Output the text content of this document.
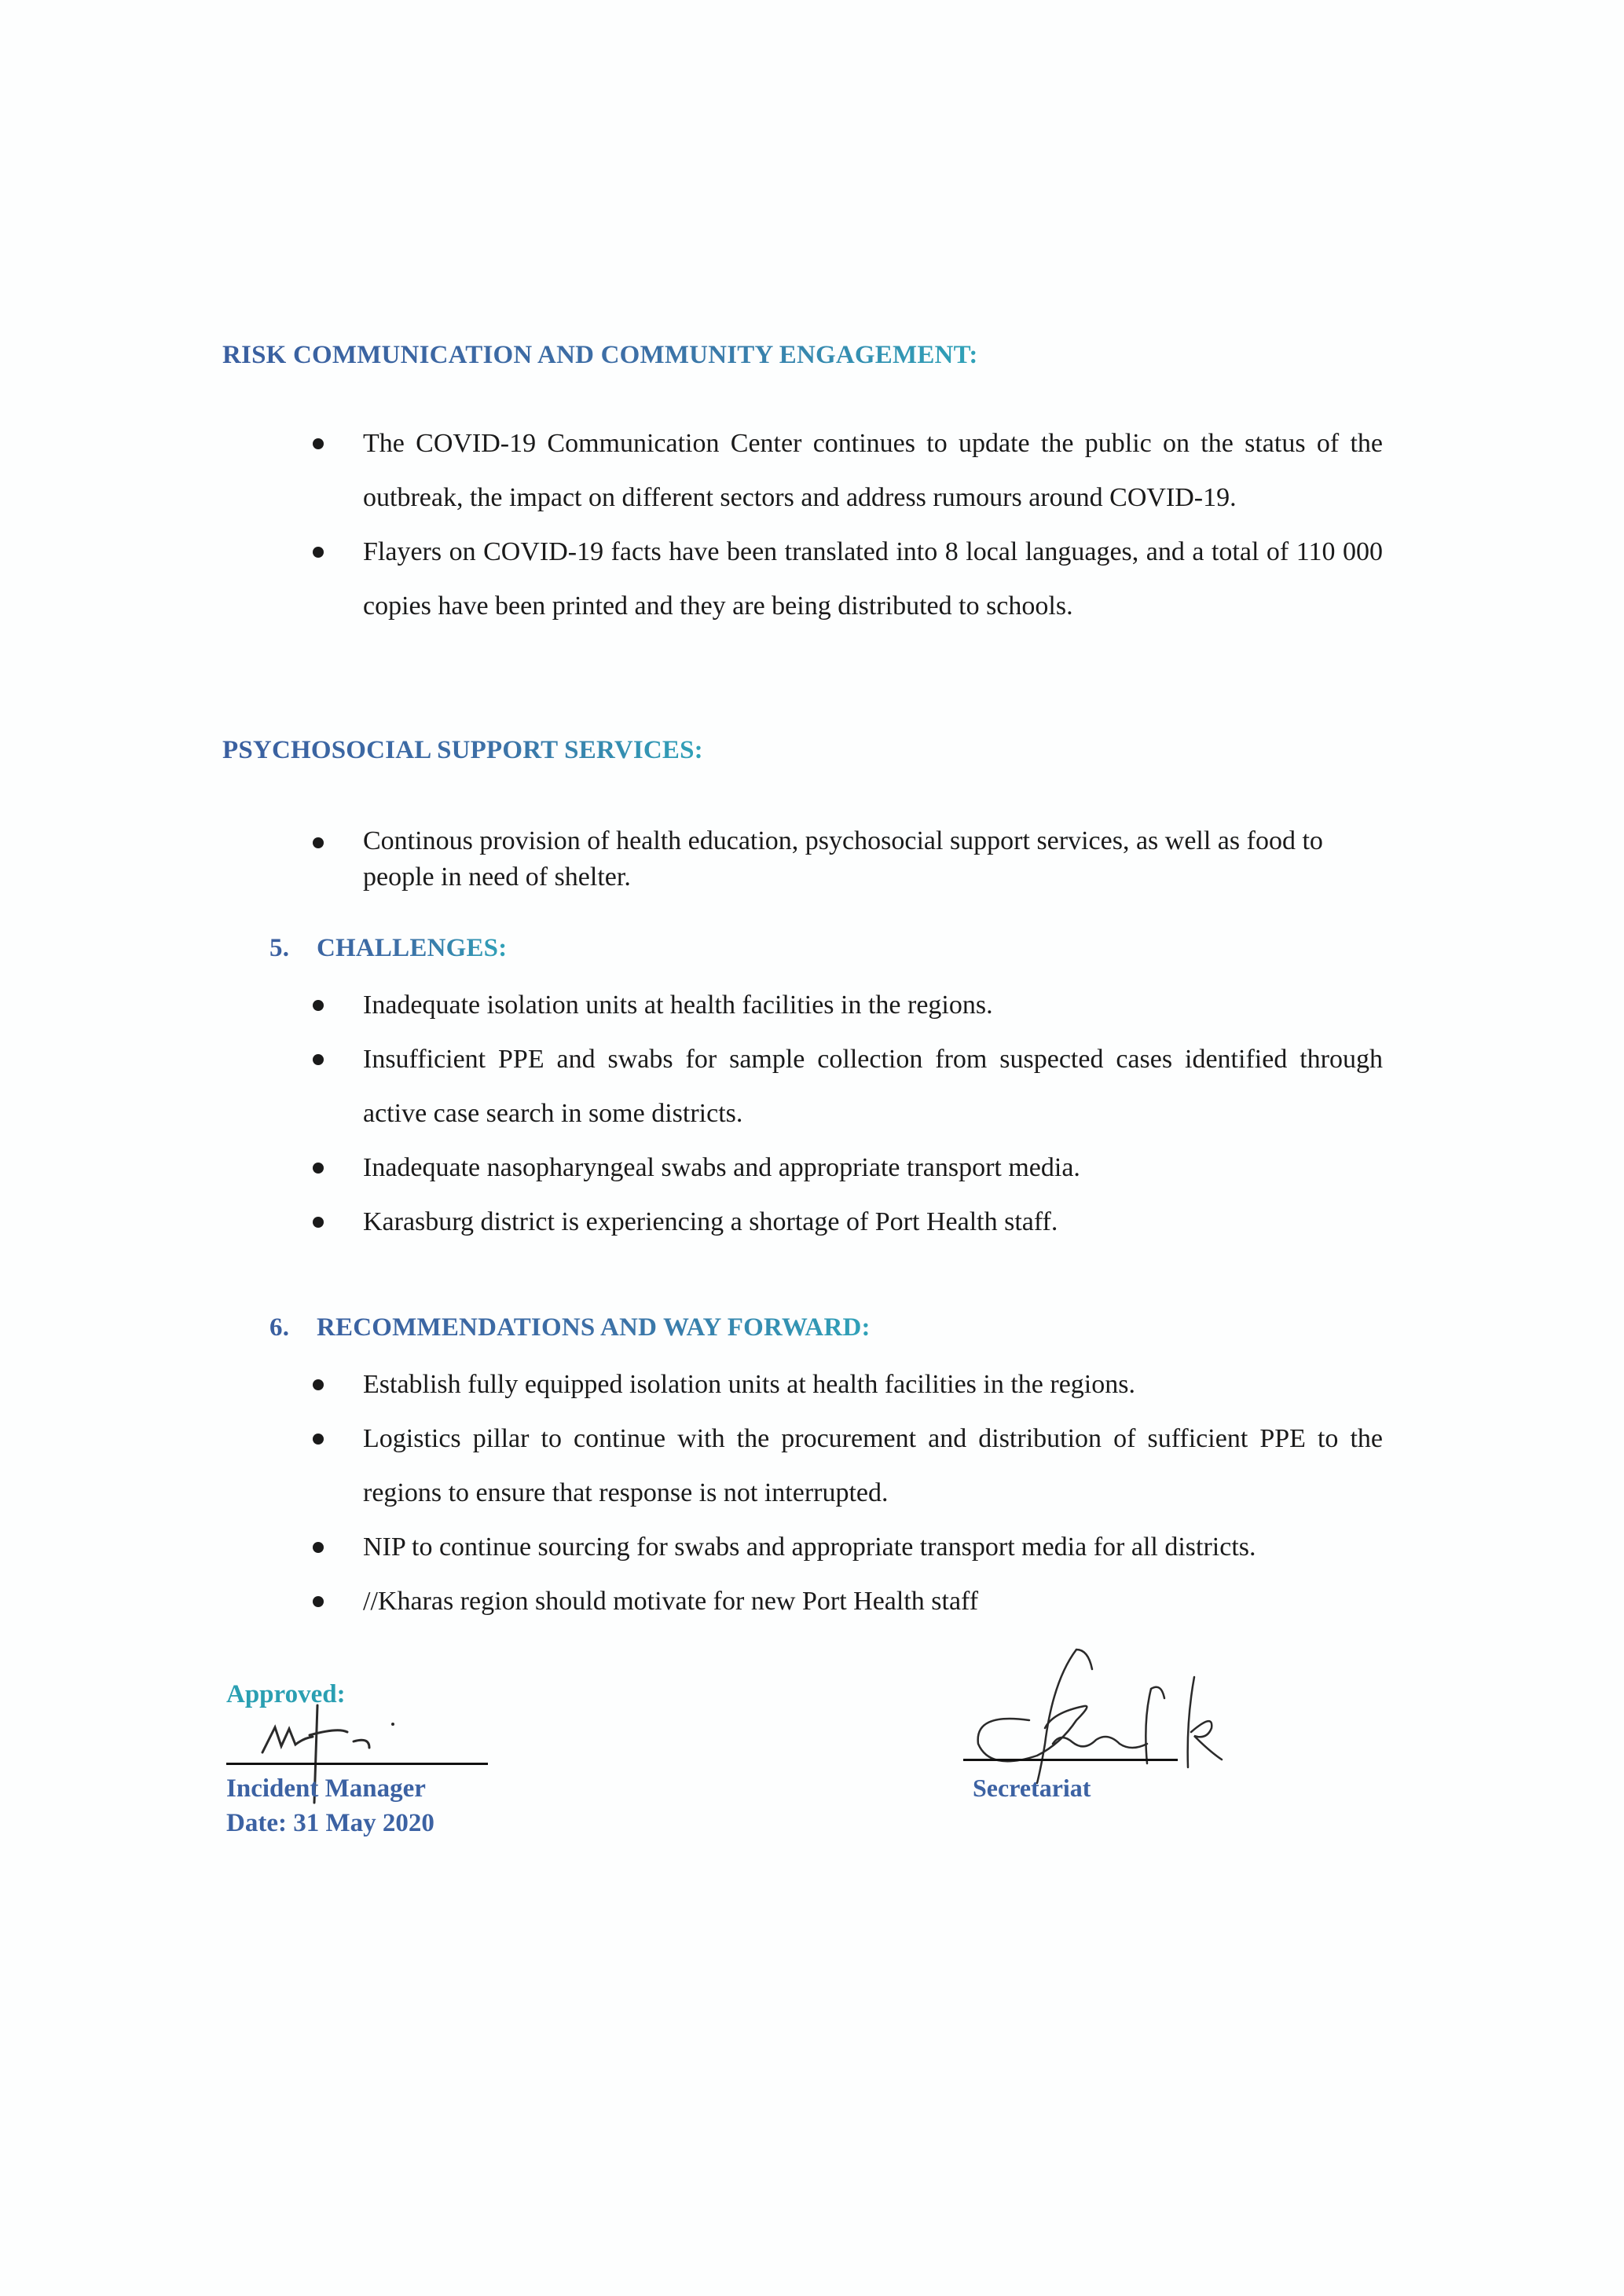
RISK COMMUNICATION AND COMMUNITY ENGAGEMENT:
The COVID-19 Communication Center continues to update the public on the status of the outbreak, the impact on different sectors and address rumours around COVID-19.
Flayers on COVID-19 facts have been translated into 8 local languages, and a total of 110 000 copies have been printed and they are being distributed to schools.
PSYCHOSOCIAL SUPPORT SERVICES:
Continous provision of health education, psychosocial support services, as well as food to people in need of shelter.
5. CHALLENGES:
Inadequate isolation units at health facilities in the regions.
Insufficient PPE and swabs for sample collection from suspected cases identified through active case search in some districts.
Inadequate nasopharyngeal swabs and appropriate transport media.
Karasburg district is experiencing a shortage of Port Health staff.
6. RECOMMENDATIONS AND WAY FORWARD:
Establish fully equipped isolation units at health facilities in the regions.
Logistics pillar to continue with the procurement and distribution of sufficient PPE to the regions to ensure that response is not interrupted.
NIP to continue sourcing for swabs and appropriate transport media for all districts.
//Kharas region should motivate for new Port Health staff
Approved:
Incident Manager
Date: 31 May 2020
Secretariat
